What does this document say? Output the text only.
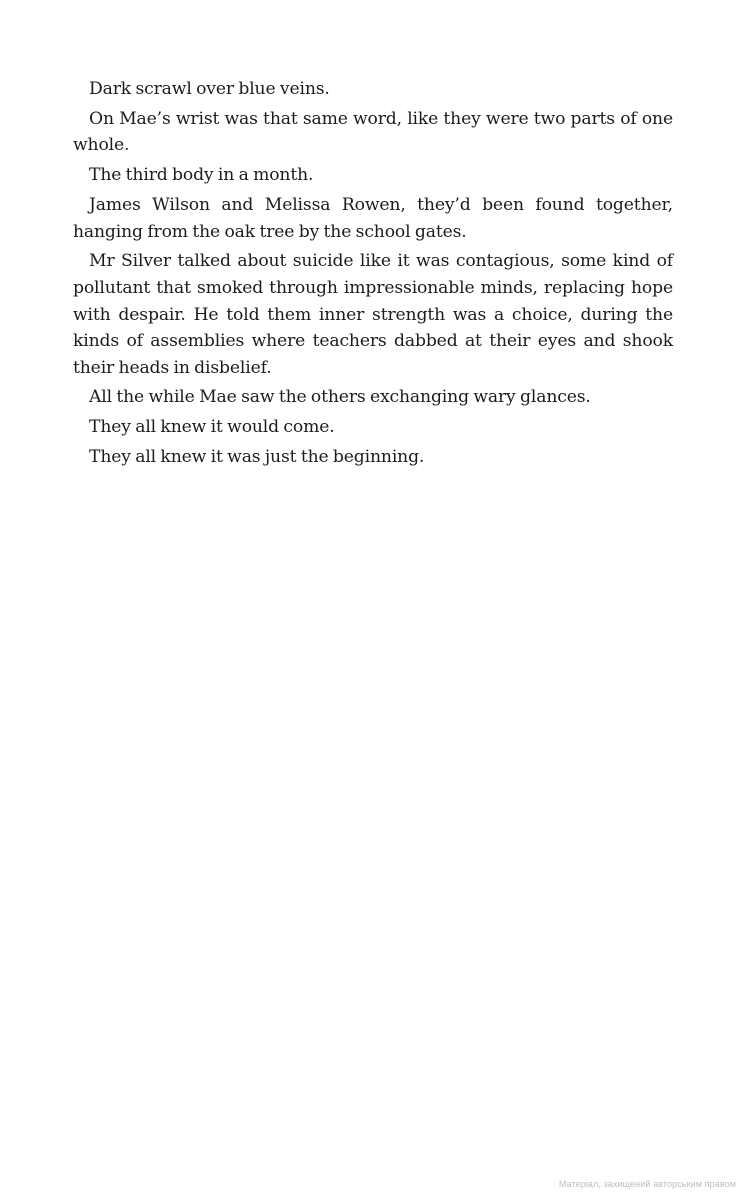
Dark scrawl over blue veins.

On Mae’s wrist was that same word, like they were two parts of one whole.

The third body in a month.

James Wilson and Melissa Rowen, they’d been found together, hanging from the oak tree by the school gates.

Mr Silver talked about suicide like it was contagious, some kind of pollutant that smoked through impressionable minds, replacing hope with despair. He told them inner strength was a choice, during the kinds of assemblies where teachers dabbed at their eyes and shook their heads in disbelief.

All the while Mae saw the others exchanging wary glances.

They all knew it would come.

They all knew it was just the beginning.

Матеріал, захищений авторським правом
